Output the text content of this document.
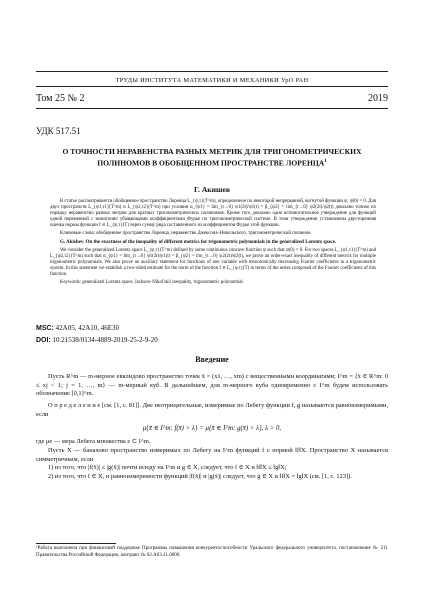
ТРУДЫ ИНСТИТУТА МАТЕМАТИКИ И МЕХАНИКИ УрО РАН
Том 25 № 2	2019
УДК 517.51
О ТОЧНОСТИ НЕРАВЕНСТВА РАЗНЫХ МЕТРИК ДЛЯ ТРИГОНОМЕТРИЧЕСКИХ ПОЛИНОМОВ В ОБОБЩЕННОМ ПРОСТРАНСТВЕ ЛОРЕНЦА$^1$
Г. Акишев

В статье рассматривается обобщенное пространство Лоренца L_{ψ,τ}(T^m), определенное по некоторой непрерывной, вогнутой функции ψ, ψ(0) = 0. Для двух пространств L_{ψ1,τ1}(T^m) и L_{ψ2,τ2}(T^m) при условии α_{ψ1} = lim_{t→0} ψ1(2t)/ψ1(t) = β_{ψ2} = lim_{t→0} ψ2(2t)/ψ2(t) доказано точное по порядку неравенство разных метрик для кратных тригонометрических полиномов. Кроме того доказано одно вспомогательное утверждение для функций одной переменной с монотонно убывающими коэффициентами Фурье по тригонометрической системе. В этом утверждении установлены двусторонняя оценка нормы функции f ∈ L_{ψ,τ}(T) через сумму ряда составленного из коэффициентов Фурье этой функции.

Ключевые слова: обобщенное пространство Лоренца, неравенство Джексона–Никольского, тригонометрический полином.

G. Akishev. On the exactness of the inequality of different metrics for trigonometric polynomials in the generalized Lorentz space.

We consider the generalized Lorentz space L_{ψ,τ}(T^m) defined by some continuous concave function ψ such that ψ(0) = 0. For two spaces L_{ψ1,τ1}(T^m) and L_{ψ2,τ2}(T^m) such that α_{ψ1} = lim_{t→0} ψ1(2t)/ψ1(t) = β_{ψ2} = lim_{t→0} ψ2(2t)/ψ2(t), we prove an order-exact inequality of different metrics for multiple trigonometric polynomials. We also prove an auxiliary statement for functions of one variable with monotonically decreasing Fourier coefficients in a trigonometric system. In this statement we establish a two-sided estimate for the norm of the function f ∈ L_{ψ,τ}(T) in terms of the series composed of the Fourier coefficients of this function.

Keywords: generalized Lorentz space, Jackson–Nikol'skii inequality, trigonometric polynomial.

MSC: 42A05, 42A10, 46E30
DOI: 10.21538/0134-4889-2019-25-2-9-20
Введение

Пусть R^m — m-мерное евклидово пространство точек x̄ = (x1, …, xm) с вещественными координатами; I^m = {x̄ ∈ R^m: 0 ≤ xj < 1; j = 1, …, m} — m-мерный куб. В дальнейшем, для m-мерного куба одновременно с I^m будем использовать обозначение [0,1]^m.

О п р е д е л е н и е [см. [1, c. 81]]. Две неотрицательные, измеримые по Лебегу функции f, g называются равноизмеримыми, если

μ{x̄ ∈ I^m: f(x̄) > λ} = μ{x̄ ∈ I^m: g(x̄) > λ}, λ > 0,

где μe — мера Лебега множества e ⊂ I^m.

Пусть X — банахово пространство измеримых по Лебегу на I^m функций f с нормой ‖f‖X. Пространство X называется симметричным, если

1) из того, что |f(x̄)| ≤ |g(x̄)| почти всюду на I^m и g ∈ X, следует, что f ∈ X и ‖f‖X ≤ ‖g‖X;

2) из того, что f ∈ X, и равноизмеримости функций |f(x̄)| и |g(x̄)| следует, что g ∈ X и ‖f‖X = ‖g‖X (см. [1, c. 123]).

¹Работа выполнена при финансовой поддержке Программы повышения конкурентоспособности Уральского федерального университета, постановление № 211 Правительства Российской Федерации, контракт № 02.А03.21.0006.
